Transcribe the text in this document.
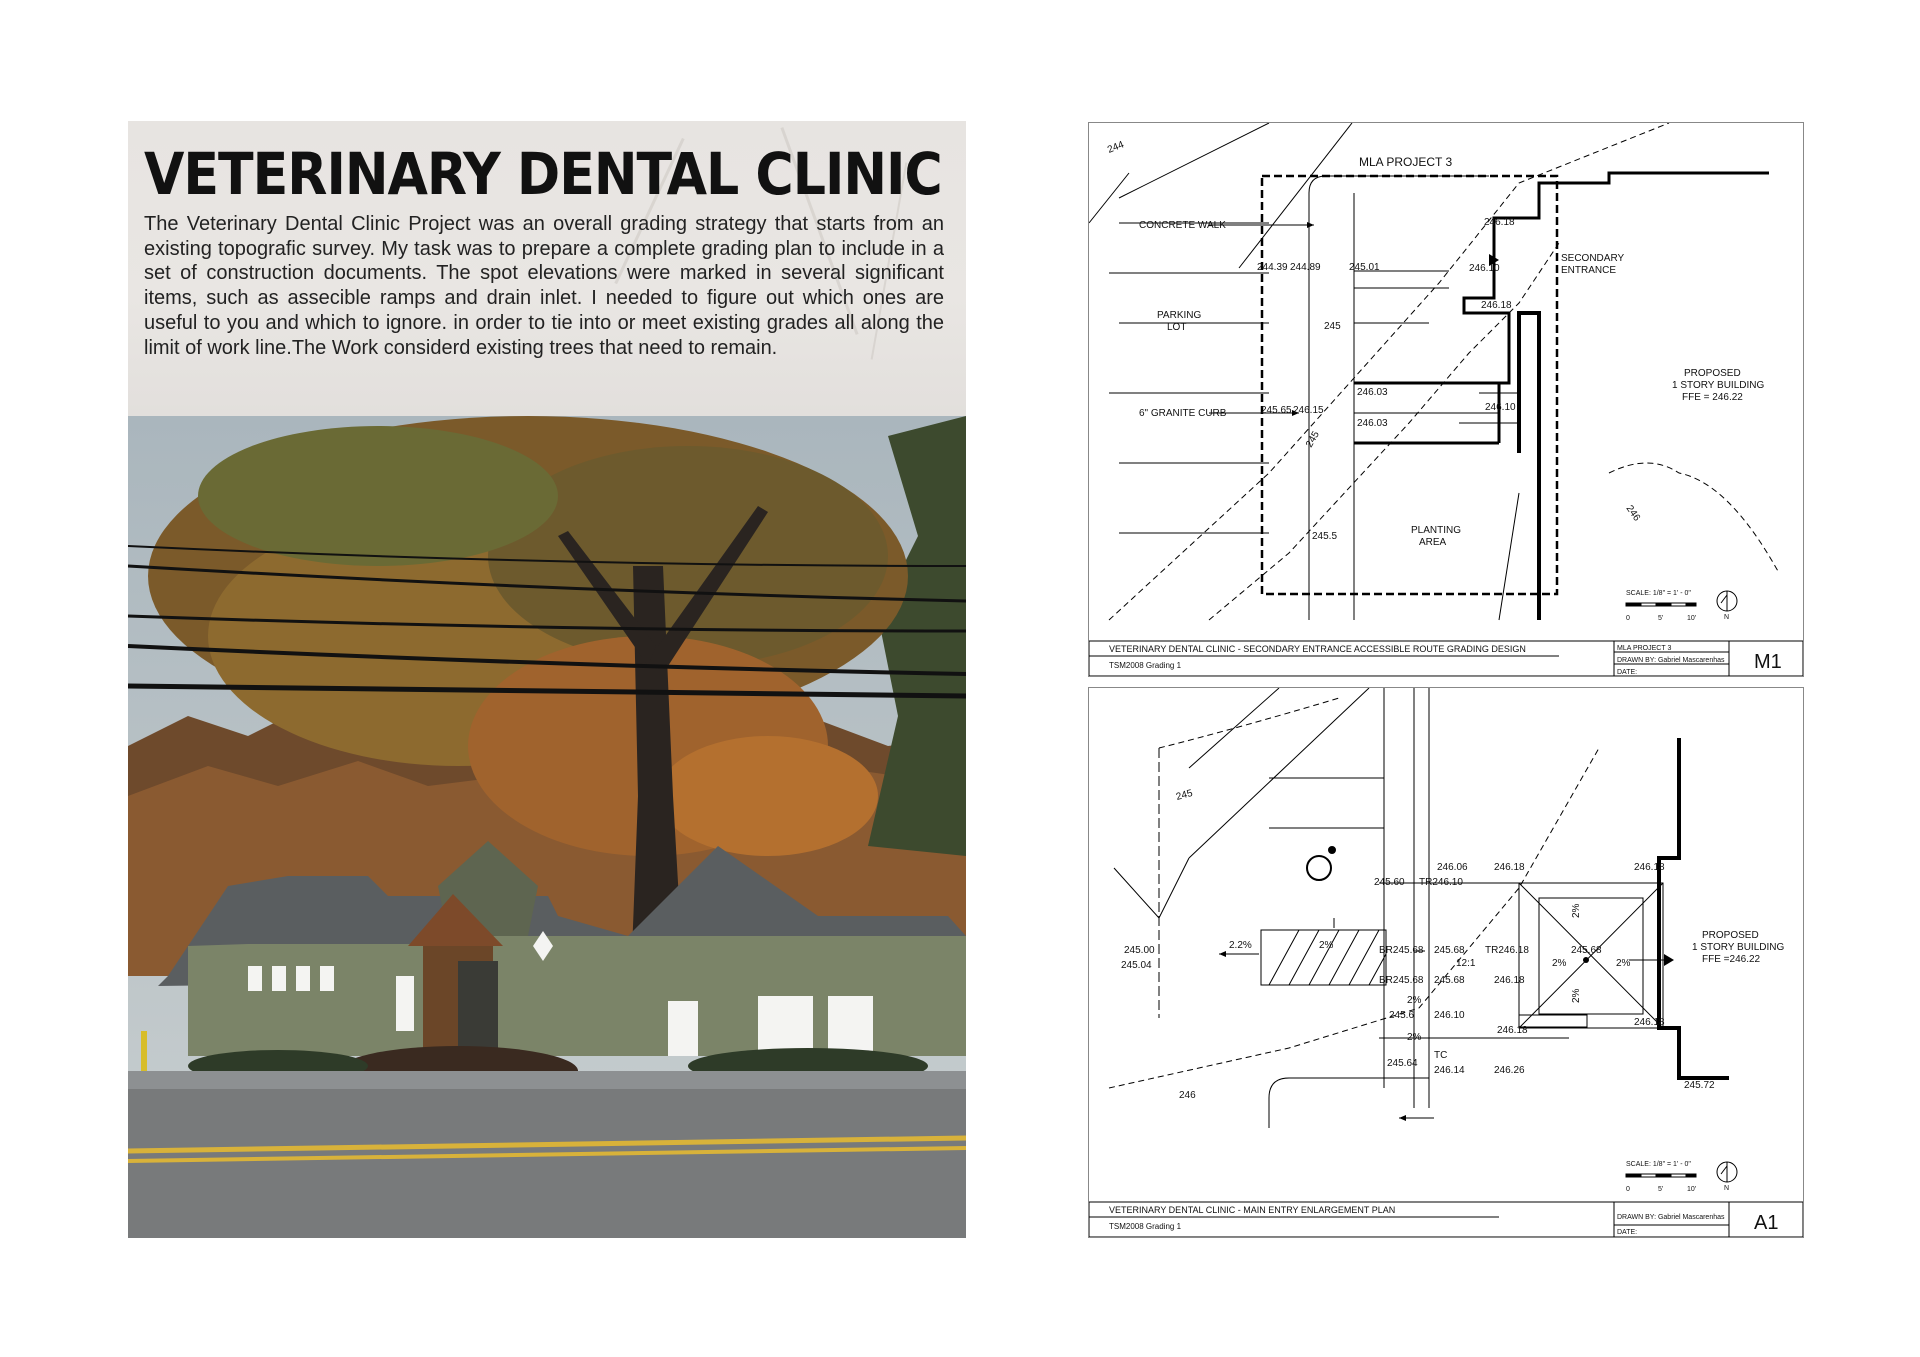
VETERINARY DENTAL CLINIC

The Veterinary Dental Clinic Project was an overall grading strategy that starts from an existing topografic survey. My task was to prepare a complete grading plan to include in a set of construction documents. The spot elevations were marked in several significant items, such as assecible ramps and drain inlet. I needed to figure out which ones are useful to you and which to ignore. in order to tie into or meet existing grades all along the limit of work line.The Work considerd existing trees that need to remain.

MLA PROJECT 3
244
CONCRETE WALK
PARKING
LOT
SECONDARY
ENTRANCE
6" GRANITE CURB
PROPOSED
1 STORY BUILDING
FFE = 246.22
PLANTING
AREA
245
245
246
246.18
244.39 244.89	245.01	246.10
246.18
245.65 246.15
246.03
246.03
246.10
245.5
SCALE: 1/8" = 1' - 0"
0	5'	10'	N
VETERINARY DENTAL CLINIC - SECONDARY ENTRANCE ACCESSIBLE ROUTE GRADING DESIGN
TSM2008 Grading 1
MLA PROJECT 3
DRAWN BY: Gabriel Mascarenhas
DATE:	M1
245
246
245.00
245.04
2.2%	2%
245.60 TR246.10
246.06	246.18	246.18
BR245.68 245.68 TR246.18	245.68
12:1
BR245.68 245.68	246.18
2%
245.6 246.10
246.18
246.18
2%
TC
245.64
246.14	246.26
245.72
2%
2%
2%
2%
PROPOSED
1 STORY BUILDING
FFE =246.22
SCALE: 1/8" = 1' - 0"
0	5'	10'	N
VETERINARY DENTAL CLINIC - MAIN ENTRY ENLARGEMENT PLAN
TSM2008 Grading 1
DRAWN BY: Gabriel Mascarenhas
DATE:	A1
